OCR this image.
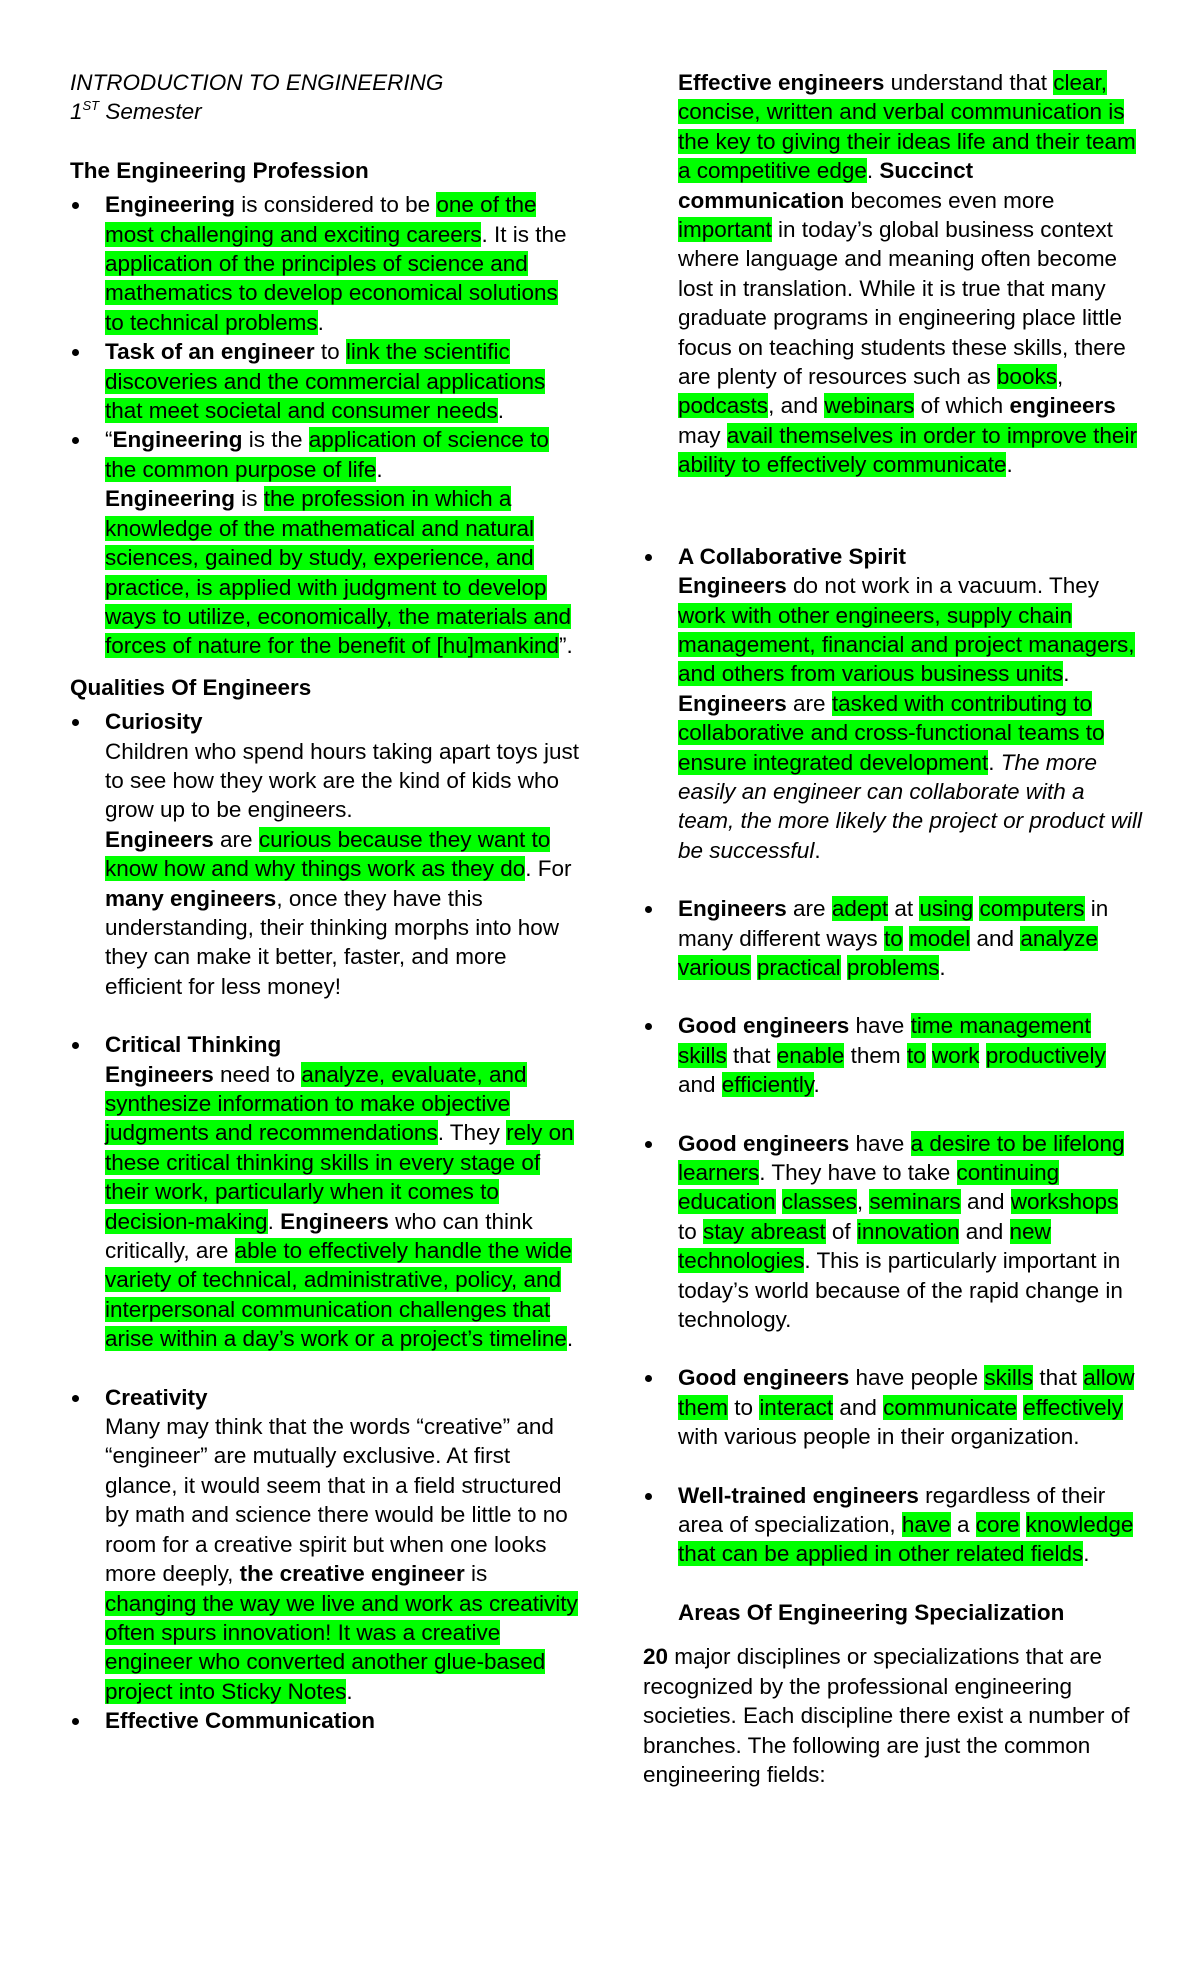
INTRODUCTION TO ENGINEERING

1ST Semester

The Engineering Profession

Engineering is considered to be one of the most challenging and exciting careers. It is the application of the principles of science and mathematics to develop economical solutions to technical problems.
Task of an engineer to link the scientific discoveries and the commercial applications that meet societal and consumer needs.
“Engineering is the application of science to the common purpose of life.
Engineering is the profession in which a knowledge of the mathematical and natural sciences, gained by study, experience, and practice, is applied with judgment to develop ways to utilize, economically, the materials and forces of nature for the benefit of [hu]mankind”.

Qualities Of Engineers

Curiosity
Children who spend hours taking apart toys just to see how they work are the kind of kids who grow up to be engineers.
Engineers are curious because they want to know how and why things work as they do. For many engineers, once they have this understanding, their thinking morphs into how they can make it better, faster, and more efficient for less money!
Critical Thinking
Engineers need to analyze, evaluate, and synthesize information to make objective judgments and recommendations. They rely on these critical thinking skills in every stage of their work, particularly when it comes to decision-making. Engineers who can think critically, are able to effectively handle the wide variety of technical, administrative, policy, and interpersonal communication challenges that arise within a day’s work or a project’s timeline.
Creativity
Many may think that the words “creative” and “engineer” are mutually exclusive. At first glance, it would seem that in a field structured by math and science there would be little to no room for a creative spirit but when one looks more deeply, the creative engineer is changing the way we live and work as creativity often spurs innovation! It was a creative engineer who converted another glue-based project into Sticky Notes.
Effective Communication
Effective engineers understand that clear, concise, written and verbal communication is the key to giving their ideas life and their team a competitive edge. Succinct communication becomes even more important in today’s global business context where language and meaning often become lost in translation. While it is true that many graduate programs in engineering place little focus on teaching students these skills, there are plenty of resources such as books, podcasts, and webinars of which engineers may avail themselves in order to improve their ability to effectively communicate.
A Collaborative Spirit
Engineers do not work in a vacuum. They work with other engineers, supply chain management, financial and project managers, and others from various business units. Engineers are tasked with contributing to collaborative and cross-functional teams to ensure integrated development. The more easily an engineer can collaborate with a team, the more likely the project or product will be successful.
Engineers are adept at using computers in many different ways to model and analyze various practical problems.
Good engineers have time management skills that enable them to work productively and efficiently.
Good engineers have a desire to be lifelong learners. They have to take continuing education classes, seminars and workshops to stay abreast of innovation and new technologies. This is particularly important in today’s world because of the rapid change in technology.
Good engineers have people skills that allow them to interact and communicate effectively with various people in their organization.
Well-trained engineers regardless of their area of specialization, have a core knowledge that can be applied in other related fields.

Areas Of Engineering Specialization

20 major disciplines or specializations that are recognized by the professional engineering societies. Each discipline there exist a number of branches. The following are just the common engineering fields:
